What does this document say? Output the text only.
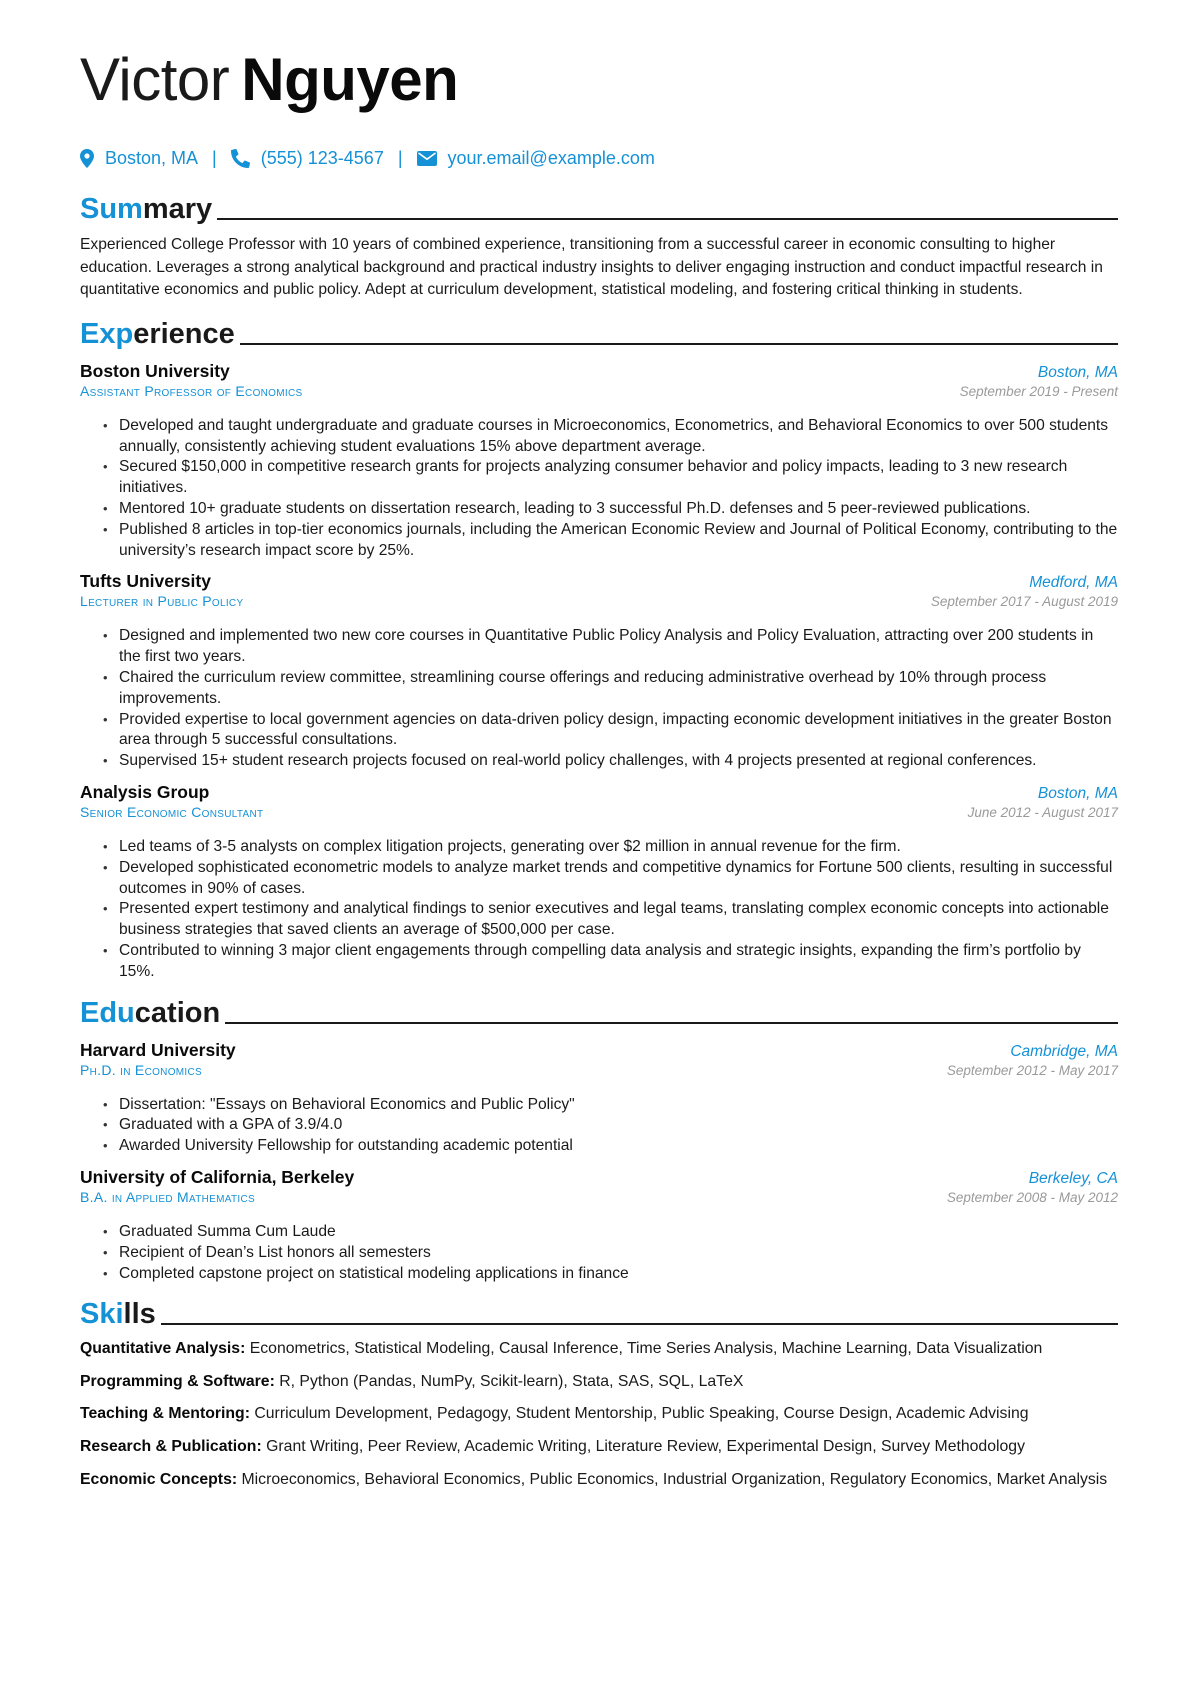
Victor Nguyen
Boston, MA | (555) 123-4567 |	your.email@example.com
Summary
Experienced College Professor with 10 years of combined experience, transitioning from a successful career in economic consulting to higher education. Leverages a strong analytical background and practical industry insights to deliver engaging instruction and conduct impactful research in quantitative economics and public policy. Adept at curriculum development, statistical modeling, and fostering critical thinking in students.
Experience
Boston University	Boston, MA
Assistant Professor of Economics	September 2019 - Present
• Developed and taught undergraduate and graduate courses in Microeconomics, Econometrics, and Behavioral Economics to over 500 students annually, consistently achieving student evaluations 15% above department average.
• Secured $150,000 in competitive research grants for projects analyzing consumer behavior and policy impacts, leading to 3 new research initiatives.
• Mentored 10+ graduate students on dissertation research, leading to 3 successful Ph.D. defenses and 5 peer-reviewed publications.
• Published 8 articles in top-tier economics journals, including the American Economic Review and Journal of Political Economy, contributing to the university’s research impact score by 25%.
Tufts University	Medford, MA
Lecturer in Public Policy	September 2017 - August 2019
• Designed and implemented two new core courses in Quantitative Public Policy Analysis and Policy Evaluation, attracting over 200 students in the first two years.
• Chaired the curriculum review committee, streamlining course offerings and reducing administrative overhead by 10% through process improvements.
• Provided expertise to local government agencies on data-driven policy design, impacting economic development initiatives in the greater Boston area through 5 successful consultations.
• Supervised 15+ student research projects focused on real-world policy challenges, with 4 projects presented at regional conferences.
Analysis Group	Boston, MA
Senior Economic Consultant	June 2012 - August 2017
• Led teams of 3-5 analysts on complex litigation projects, generating over $2 million in annual revenue for the firm.
• Developed sophisticated econometric models to analyze market trends and competitive dynamics for Fortune 500 clients, resulting in successful outcomes in 90% of cases.
• Presented expert testimony and analytical findings to senior executives and legal teams, translating complex economic concepts into actionable business strategies that saved clients an average of $500,000 per case.
• Contributed to winning 3 major client engagements through compelling data analysis and strategic insights, expanding the firm’s portfolio by 15%.
Education
Harvard University	Cambridge, MA
Ph.D. in Economics	September 2012 - May 2017
• Dissertation: "Essays on Behavioral Economics and Public Policy"
• Graduated with a GPA of 3.9/4.0
• Awarded University Fellowship for outstanding academic potential
University of California, Berkeley	Berkeley, CA
B.A. in Applied Mathematics	September 2008 - May 2012
• Graduated Summa Cum Laude
• Recipient of Dean’s List honors all semesters
• Completed capstone project on statistical modeling applications in finance
Skills
Quantitative Analysis: Econometrics, Statistical Modeling, Causal Inference, Time Series Analysis, Machine Learning, Data Visualization
Programming & Software: R, Python (Pandas, NumPy, Scikit-learn), Stata, SAS, SQL, LaTeX
Teaching & Mentoring: Curriculum Development, Pedagogy, Student Mentorship, Public Speaking, Course Design, Academic Advising
Research & Publication: Grant Writing, Peer Review, Academic Writing, Literature Review, Experimental Design, Survey Methodology
Economic Concepts: Microeconomics, Behavioral Economics, Public Economics, Industrial Organization, Regulatory Economics, Market Analysis
